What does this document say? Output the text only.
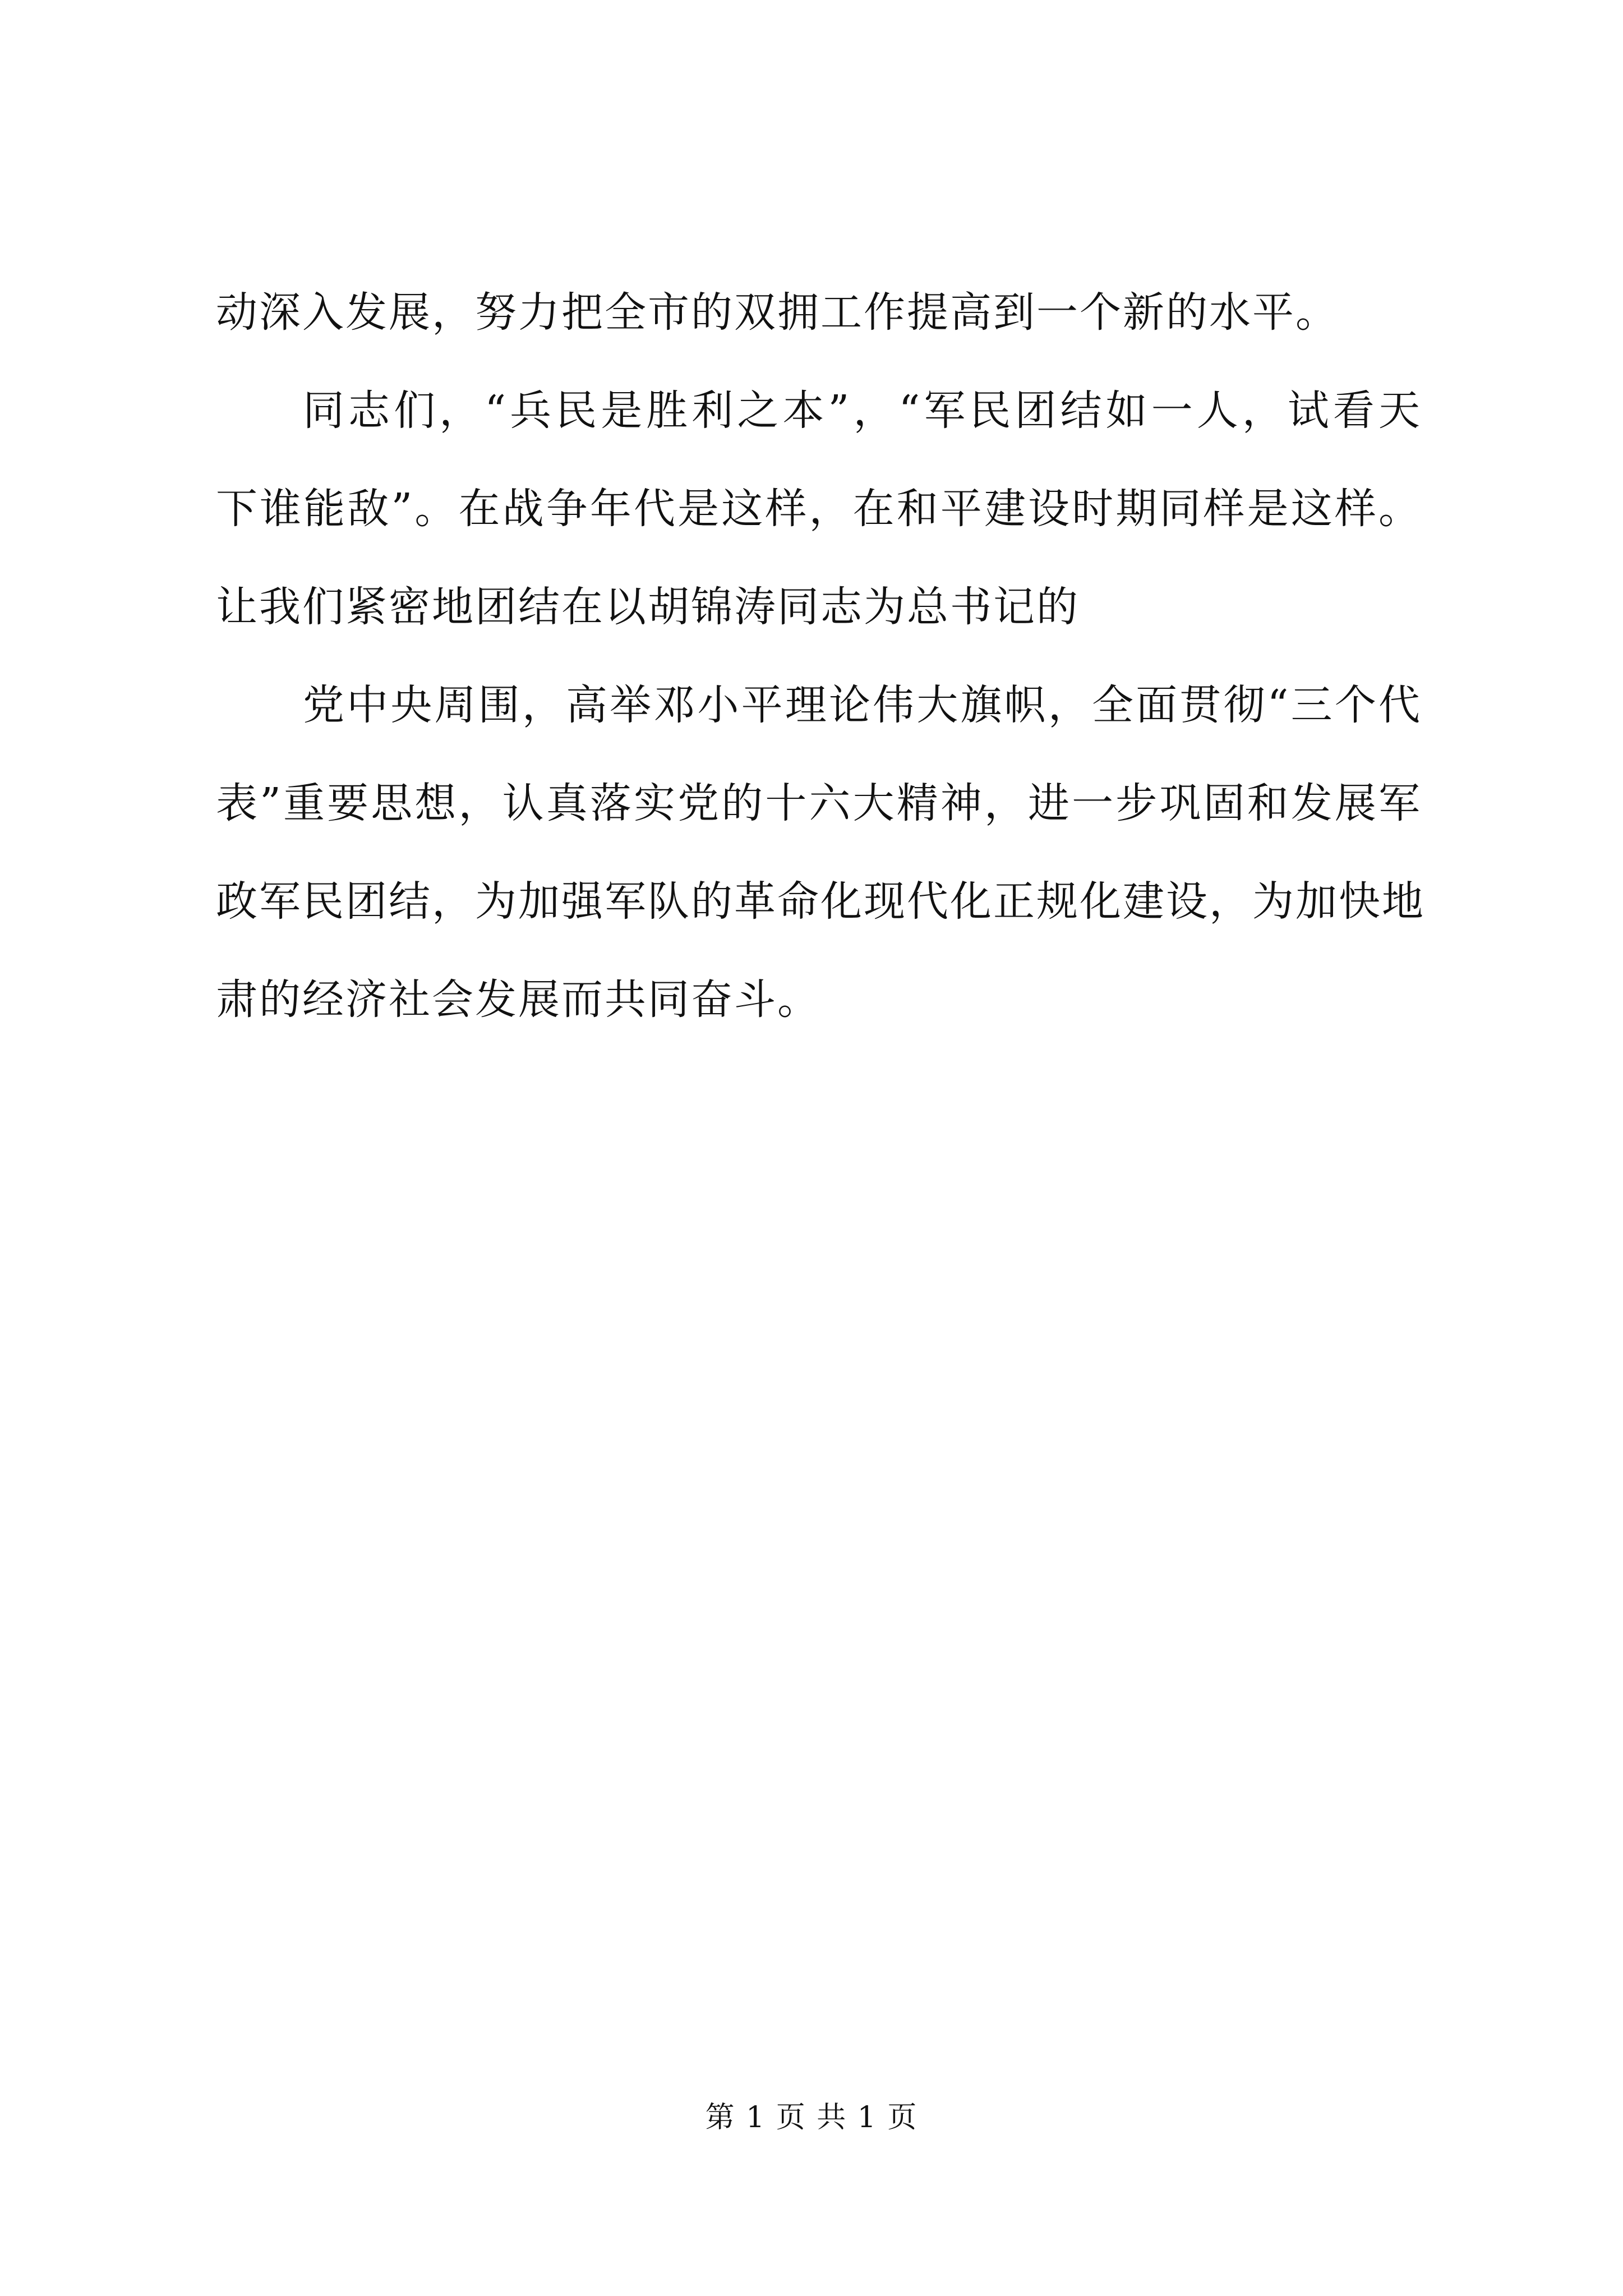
动深入发展，努力把全市的双拥工作提高到一个新的水平。
同志们，“兵民是胜利之本”，“军民团结如一人，试看天
下谁能敌”。在战争年代是这样，在和平建设时期同样是这样。
让我们紧密地团结在以胡锦涛同志为总书记的
党中央周围，高举邓小平理论伟大旗帜，全面贯彻“三个代
表”重要思想，认真落实党的十六大精神，进一步巩固和发展军
政军民团结，为加强军队的革命化现代化正规化建设，为加快地
肃的经济社会发展而共同奋斗。
第 1 页 共 1 页
